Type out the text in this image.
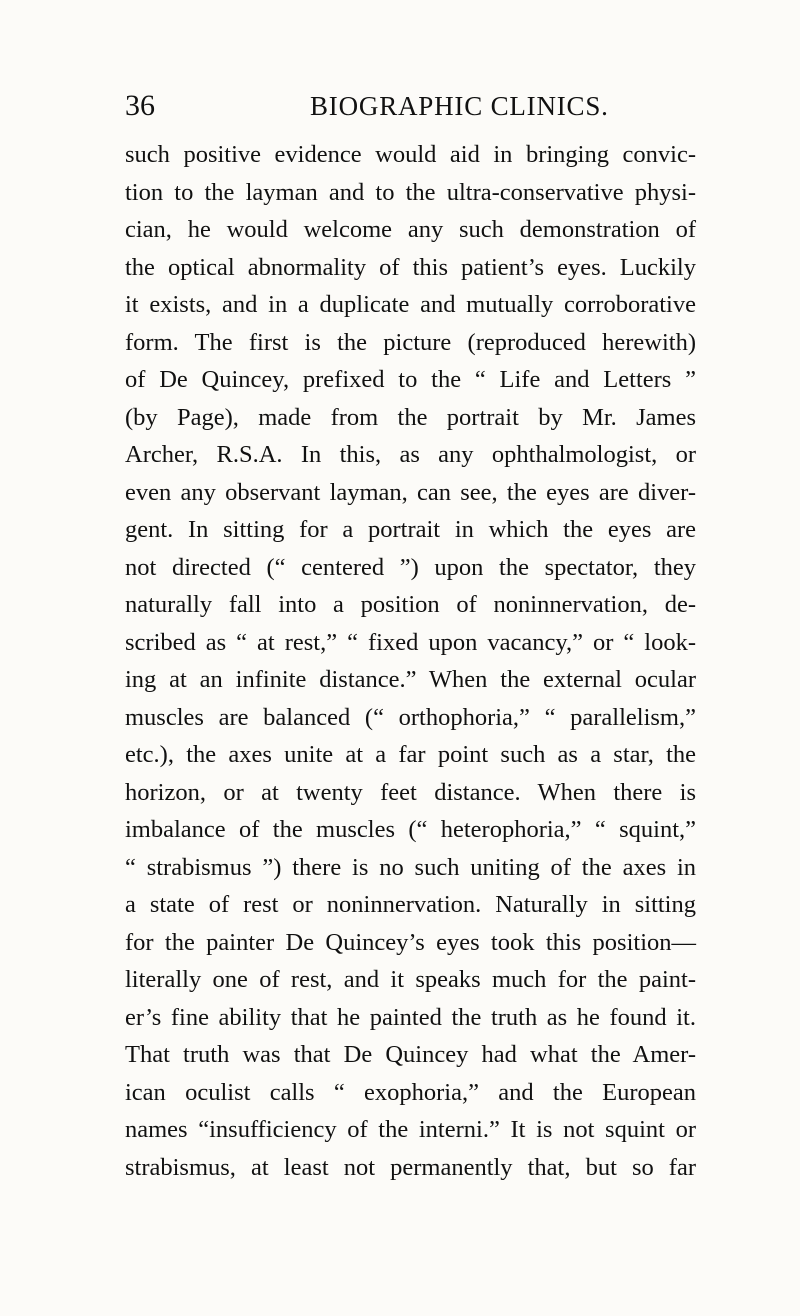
36	BIOGRAPHIC CLINICS.
such positive evidence would aid in bringing convic-
tion to the layman and to the ultra-conservative physi-
cian, he would welcome any such demonstration of
the optical abnormality of this patient’s eyes. Luckily
it exists, and in a duplicate and mutually corroborative
form. The first is the picture (reproduced herewith)
of De Quincey, prefixed to the “ Life and Letters ”
(by Page), made from the portrait by Mr. James
Archer, R.S.A. In this, as any ophthalmologist, or
even any observant layman, can see, the eyes are diver-
gent. In sitting for a portrait in which the eyes are
not directed (“ centered ”) upon the spectator, they
naturally fall into a position of noninnervation, de-
scribed as “ at rest,” “ fixed upon vacancy,” or “ look-
ing at an infinite distance.” When the external ocular
muscles are balanced (“ orthophoria,” “ parallelism,”
etc.), the axes unite at a far point such as a star, the
horizon, or at twenty feet distance. When there is
imbalance of the muscles (“ heterophoria,” “ squint,”
“ strabismus ”) there is no such uniting of the axes in
a state of rest or noninnervation. Naturally in sitting
for the painter De Quincey’s eyes took this position—
literally one of rest, and it speaks much for the paint-
er’s fine ability that he painted the truth as he found it.
That truth was that De Quincey had what the Amer-
ican oculist calls “ exophoria,” and the European
names “insufficiency of the interni.” It is not squint or
strabismus, at least not permanently that, but so far
